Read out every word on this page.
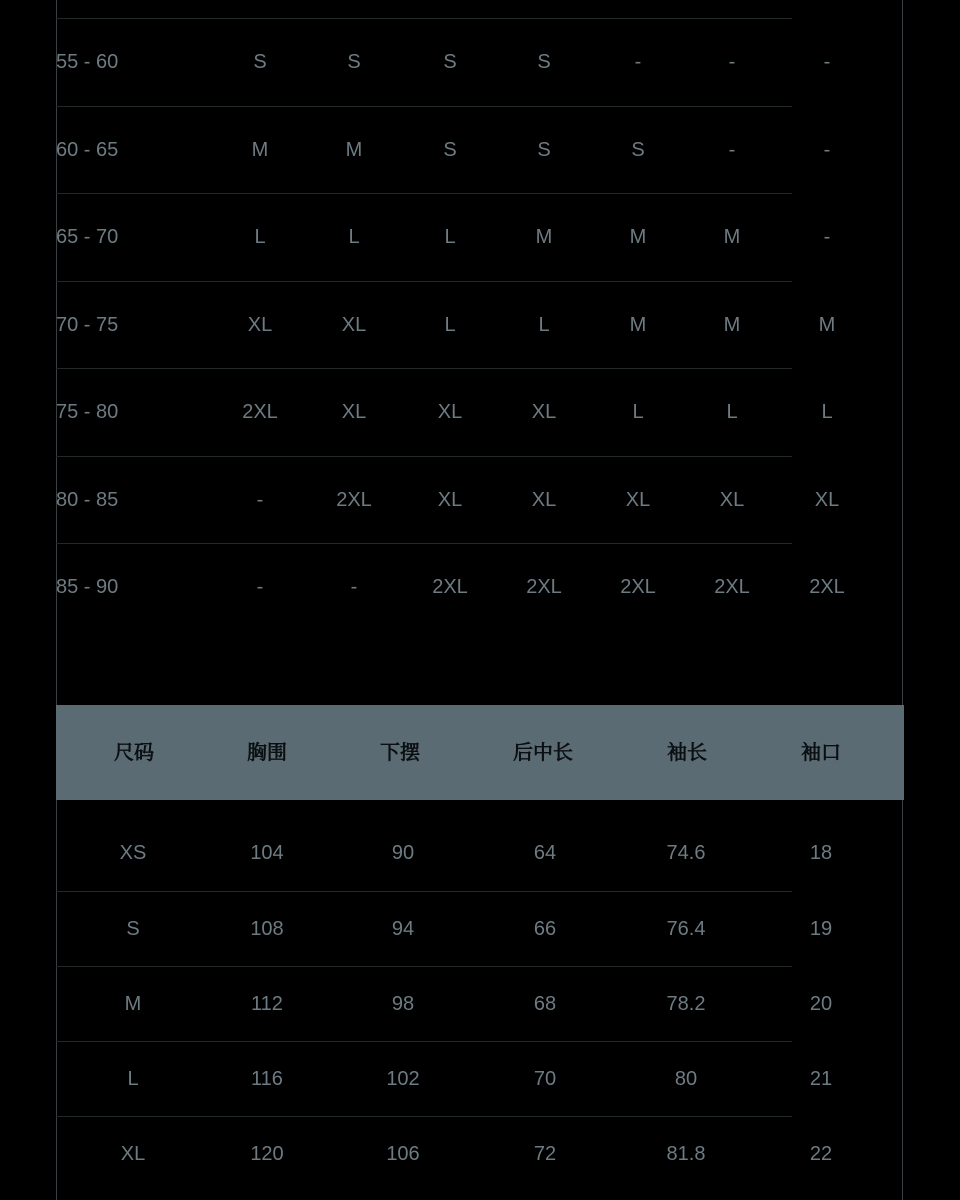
55 - 60	S	S	S	S	-	-	-
60 - 65	M	M	S	S	S	-	-
65 - 70	L	L	L	M	M	M	-
70 - 75	XL	XL	L	L	M	M	M
75 - 80	2XL	XL	XL	XL	L	L	L
80 - 85	-	2XL	XL	XL	XL	XL	XL
85 - 90	-	-	2XL	2XL	2XL	2XL	2XL
尺码	胸围	下摆	后中长	袖长	袖口
XS	104	90	64	74.6	18
S	108	94	66	76.4	19
M	112	98	68	78.2	20
L	116	102	70	80	21
XL	120	106	72	81.8	22
